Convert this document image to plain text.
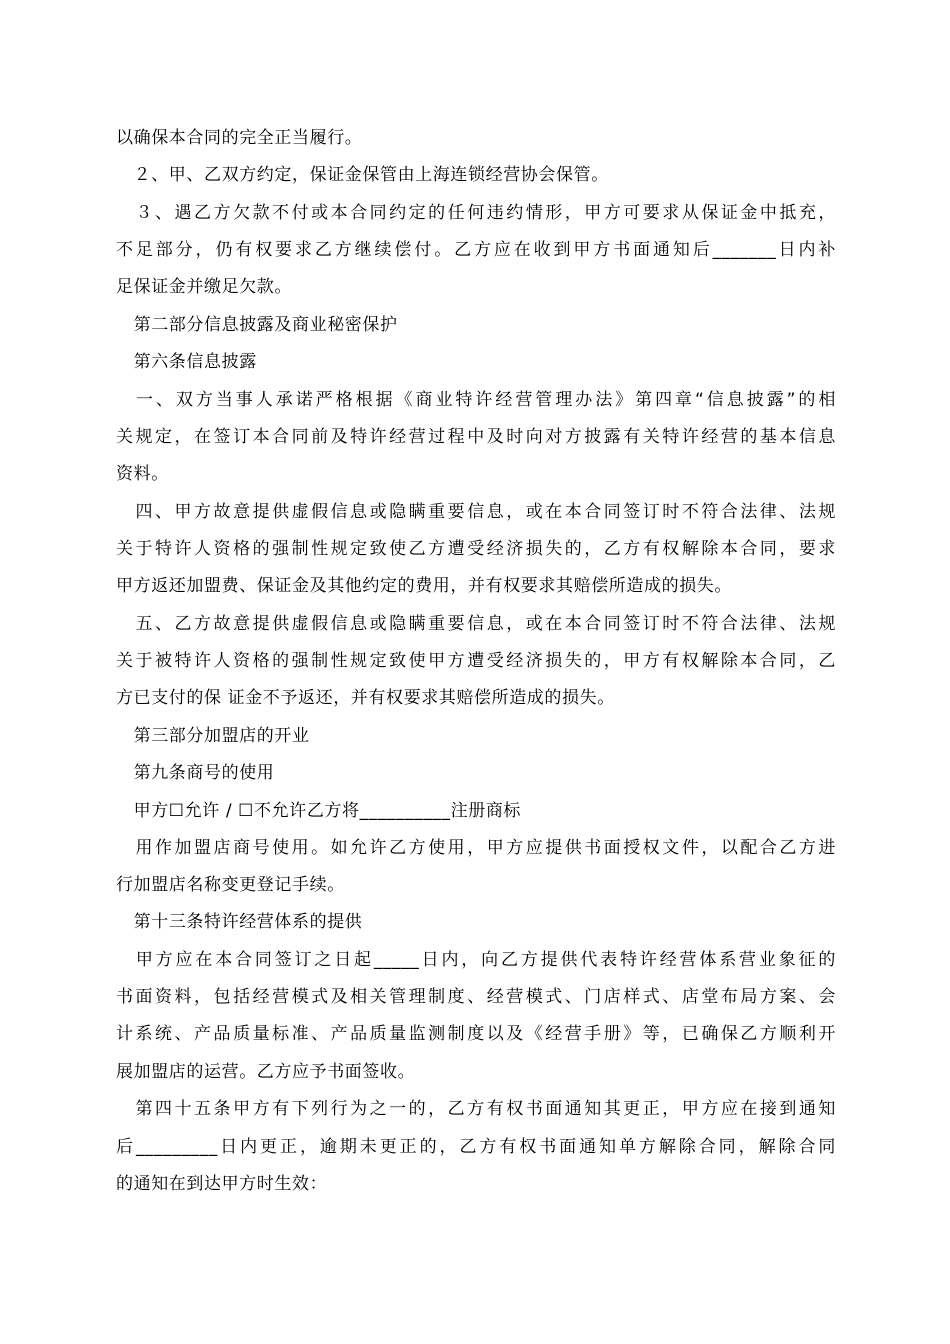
以确保本合同的完全正当履行。
　２、甲、乙双方约定，保证金保管由上海连锁经营协会保管。
　３、遇乙方欠款不付或本合同约定的任何违约情形，甲方可要求从保证金中抵充，
不足部分，仍有权要求乙方继续偿付。乙方应在收到甲方书面通知后_______日内补
足保证金并缴足欠款。
　第二部分信息披露及商业秘密保护
　第六条信息披露
　一、双方当事人承诺严格根据《商业特许经营管理办法》第四章“信息披露”的相
关规定，在签订本合同前及特许经营过程中及时向对方披露有关特许经营的基本信息
资料。
　四、甲方故意提供虚假信息或隐瞒重要信息，或在本合同签订时不符合法律、法规
关于特许人资格的强制性规定致使乙方遭受经济损失的，乙方有权解除本合同，要求
甲方返还加盟费、保证金及其他约定的费用，并有权要求其赔偿所造成的损失。
　五、乙方故意提供虚假信息或隐瞒重要信息，或在本合同签订时不符合法律、法规
关于被特许人资格的强制性规定致使甲方遭受经济损失的，甲方有权解除本合同，乙
方已支付的保 证金不予返还，并有权要求其赔偿所造成的损失。
　第三部分加盟店的开业
　第九条商号的使用
　甲方☐允许 / ☐不允许乙方将__________注册商标
　用作加盟店商号使用。如允许乙方使用，甲方应提供书面授权文件，以配合乙方进
行加盟店名称变更登记手续。
　第十三条特许经营体系的提供
　甲方应在本合同签订之日起_____日内，向乙方提供代表特许经营体系营业象征的
书面资料，包括经营模式及相关管理制度、经营模式、门店样式、店堂布局方案、会
计系统、产品质量标准、产品质量监测制度以及《经营手册》等，已确保乙方顺利开
展加盟店的运营。乙方应予书面签收。
　第四十五条甲方有下列行为之一的，乙方有权书面通知其更正，甲方应在接到通知
后_________日内更正，逾期未更正的，乙方有权书面通知单方解除合同，解除合同
的通知在到达甲方时生效：
